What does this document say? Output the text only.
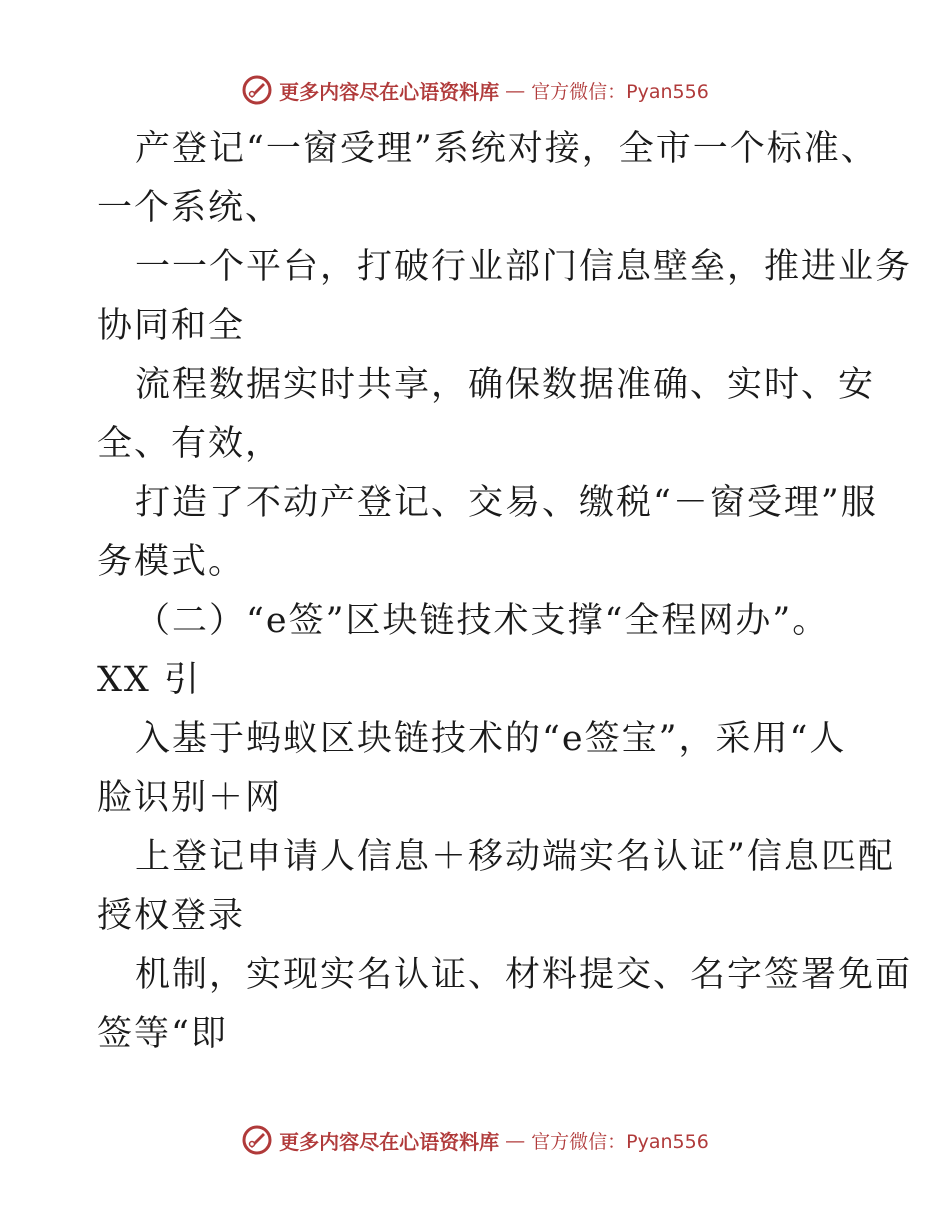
更多内容尽在心语资料库 — 官方微信：Pyan556
产登记“一窗受理”系统对接，全市一个标准、
一个系统、
一一个平台，打破行业部门信息壁垒，推进业务
协同和全
流程数据实时共享，确保数据准确、实时、安
全、有效，
打造了不动产登记、交易、缴税“－窗受理”服
务模式。
（二）“e签”区块链技术支撑“全程网办”。
XX 引
入基于蚂蚁区块链技术的“e签宝”，采用“人
脸识别＋网
上登记申请人信息＋移动端实名认证”信息匹配
授权登录
机制，实现实名认证、材料提交、名字签署免面
签等“即
更多内容尽在心语资料库 — 官方微信：Pyan556
